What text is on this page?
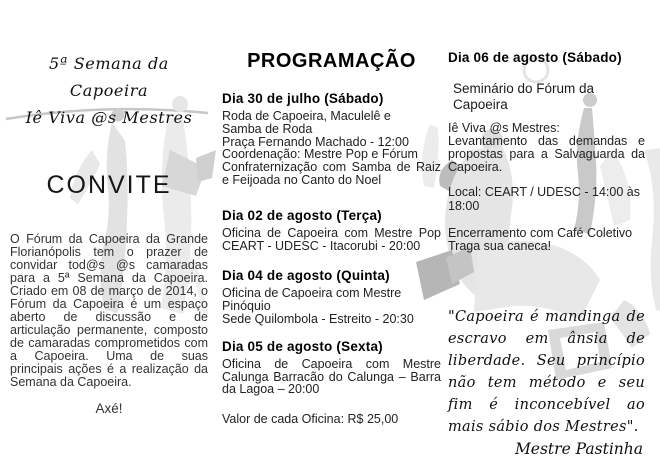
5ª Semana da Capoeira
Iê Viva @s Mestres
CONVITE

O Fórum da Capoeira da Grande Florianópolis tem o prazer de convidar tod@s @s camaradas para a 5ª Semana da Capoeira. Criado em 08 de março de 2014, o Fórum da Capoeira é um espaço aberto de discussão e de articulação permanente, composto de camaradas comprometidos com a Capoeira. Uma de suas principais ações é a realização da Semana da Capoeira.

Axé!
PROGRAMAÇÃO
Dia 30 de julho (Sábado)
Roda de Capoeira, Maculelê e
Samba de Roda
Praça Fernando Machado - 12:00
Coordenação: Mestre Pop e Fórum

Confraternização com Samba de Raiz e Feijoada no Canto do Noel

Dia 02 de agosto (Terça)

Oficina de Capoeira com Mestre Pop CEART - UDESC - Itacorubi - 20:00

Dia 04 de agosto (Quinta)
Oficina de Capoeira com Mestre Pinóquio
Sede Quilombola - Estreito - 20:30
Dia 05 de agosto (Sexta)

Oficina de Capoeira com Mestre Calunga Barracão do Calunga – Barra da Lagoa – 20:00

Valor de cada Oficina: R$ 25,00
Dia 06 de agosto (Sábado)
Seminário do Fórum da Capoeira
Iê Viva @s Mestres:

Levantamento das demandas e propostas para a Salvaguarda da Capoeira.

Local: CEART / UDESC - 14:00 às 18:00
Encerramento com Café Coletivo
Traga sua caneca!

"Capoeira é mandinga de escravo em ânsia de liberdade. Seu princípio não tem método e seu fim é inconcebível ao mais sábio dos Mestres".

Mestre Pastinha
